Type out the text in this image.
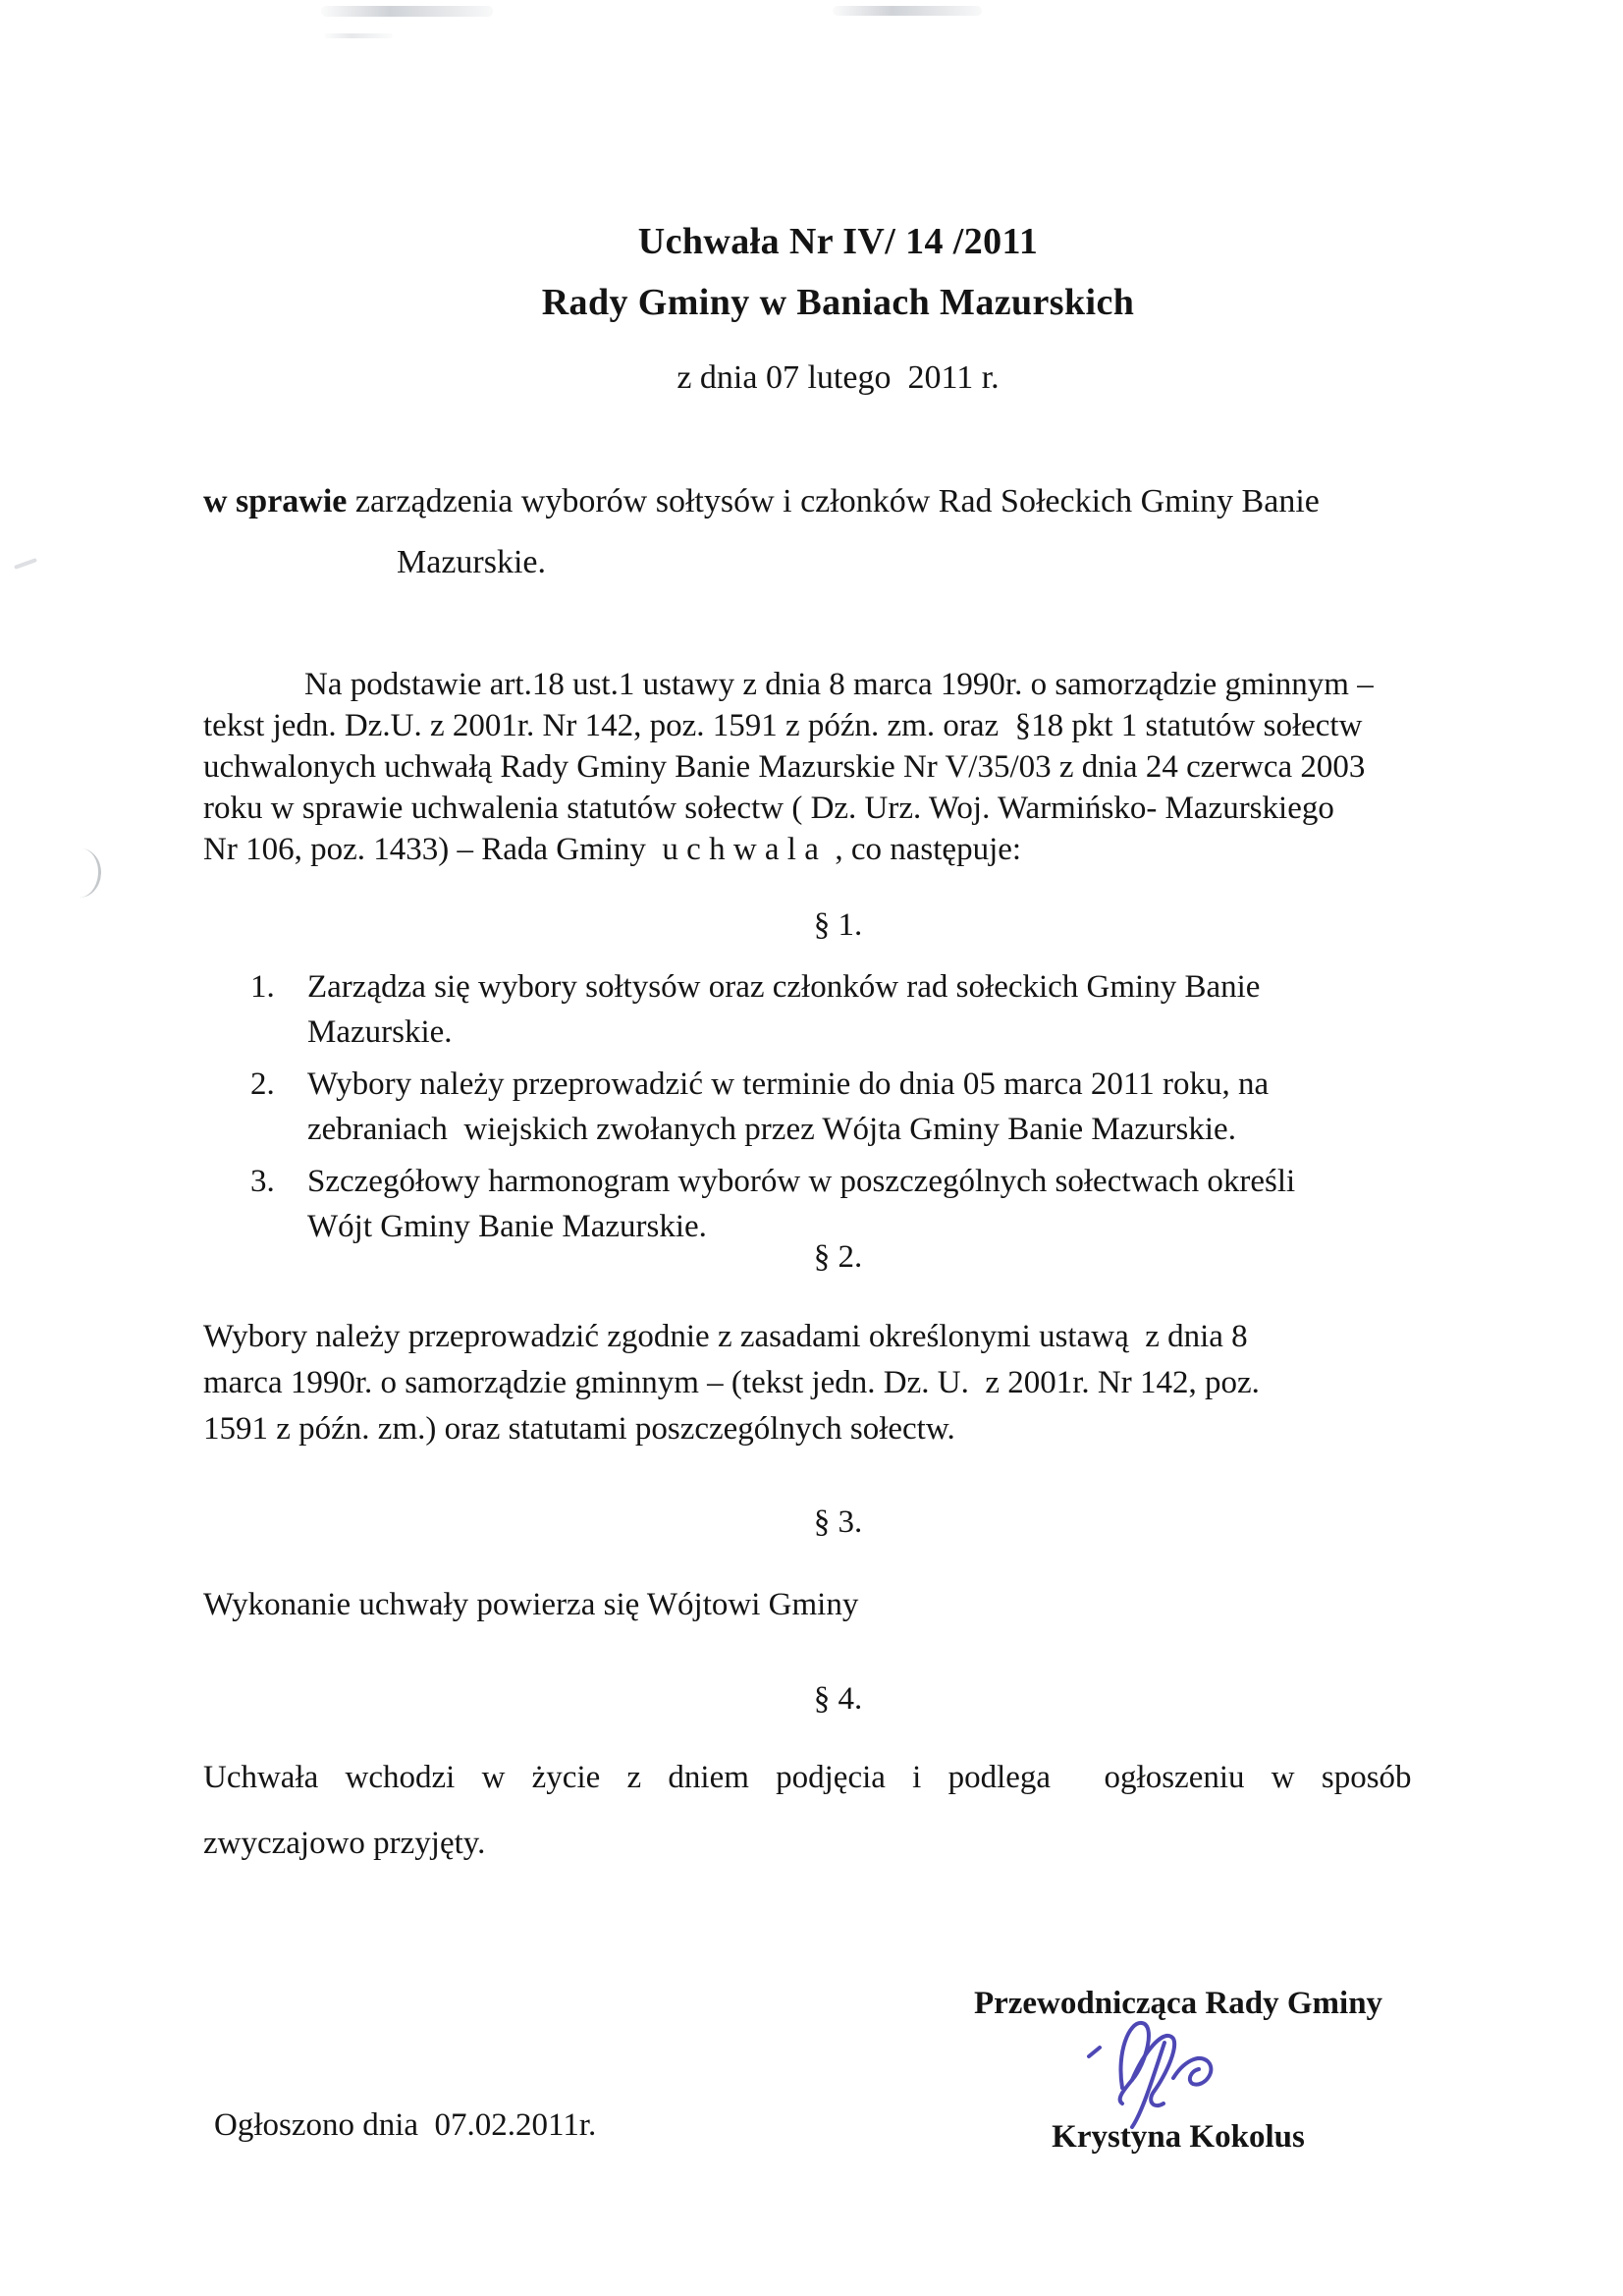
Uchwała Nr IV/ 14 /2011
Rady Gminy w Baniach Mazurskich
z dnia 07 lutego  2011 r.
w sprawie zarządzenia wyborów sołtysów i członków Rad Sołeckich Gminy Banie
Mazurskie.
Na podstawie art.18 ust.1 ustawy z dnia 8 marca 1990r. o samorządzie gminnym –
tekst jedn. Dz.U. z 2001r. Nr 142, poz. 1591 z późn. zm. oraz  §18 pkt 1 statutów sołectw
uchwalonych uchwałą Rady Gminy Banie Mazurskie Nr V/35/03 z dnia 24 czerwca 2003
roku w sprawie uchwalenia statutów sołectw ( Dz. Urz. Woj. Warmińsko- Mazurskiego
Nr 106, poz. 1433) – Rada Gminy  u c h w a l a  , co następuje:
§ 1.
1. Zarządza się wybory sołtysów oraz członków rad sołeckich Gminy Banie
Mazurskie.
2. Wybory należy przeprowadzić w terminie do dnia 05 marca 2011 roku, na
zebraniach  wiejskich zwołanych przez Wójta Gminy Banie Mazurskie.
3. Szczegółowy harmonogram wyborów w poszczególnych sołectwach określi
Wójt Gminy Banie Mazurskie.
§ 2.
Wybory należy przeprowadzić zgodnie z zasadami określonymi ustawą  z dnia 8
marca 1990r. o samorządzie gminnym – (tekst jedn. Dz. U.  z 2001r. Nr 142, poz.
1591 z późn. zm.) oraz statutami poszczególnych sołectw.
§ 3.
Wykonanie uchwały powierza się Wójtowi Gminy
§ 4.
Uchwała wchodzi w życie z dniem podjęcia i podlega  ogłoszeniu w sposób
zwyczajowo przyjęty.
Przewodnicząca Rady Gminy
Krystyna Kokolus
Ogłoszono dnia  07.02.2011r.
